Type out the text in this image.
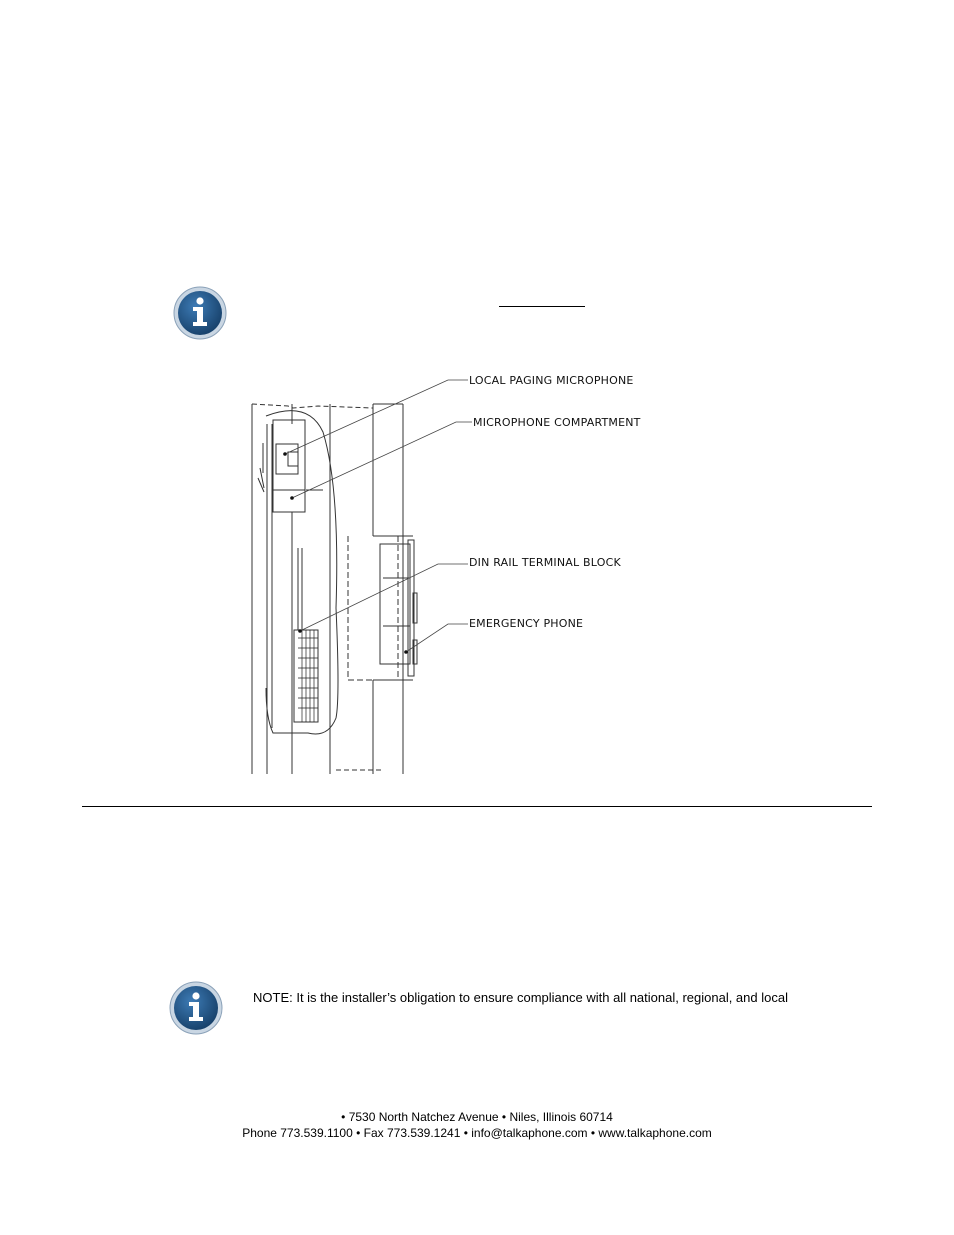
LOCAL PAGING MICROPHONE
MICROPHONE COMPARTMENT
DIN RAIL TERMINAL BLOCK
EMERGENCY PHONE
NOTE: It is the installer’s obligation to ensure compliance with all national, regional, and local
• 7530 North Natchez Avenue • Niles, Illinois 60714
Phone 773.539.1100 • Fax 773.539.1241 • info@talkaphone.com • www.talkaphone.com
